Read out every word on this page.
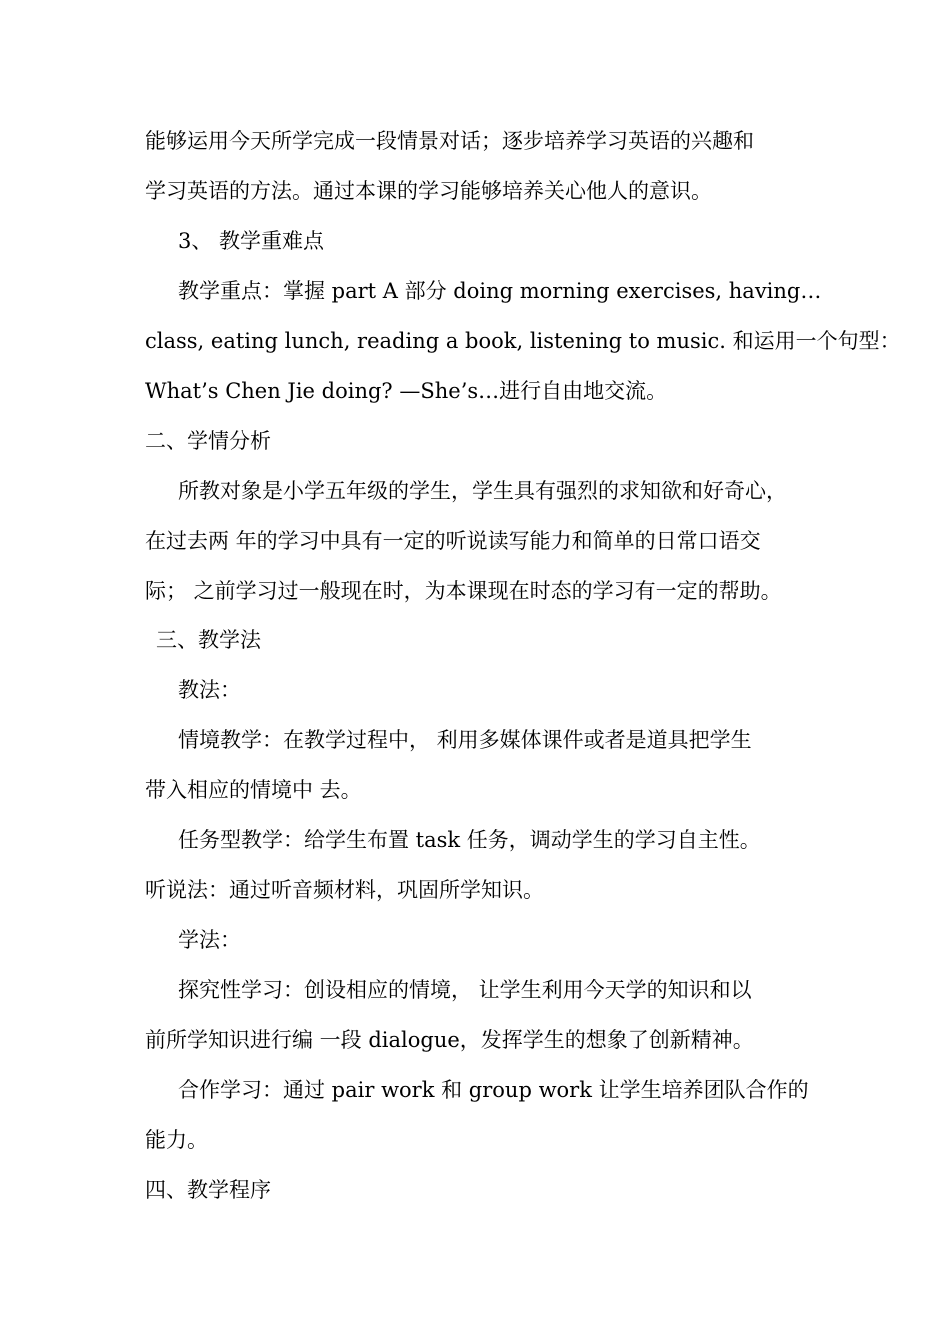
能够运用今天所学完成一段情景对话；逐步培养学习英语的兴趣和
学习英语的方法。通过本课的学习能够培养关心他人的意识。
3、 教学重难点
教学重点：掌握 part A 部分 doing morning exercises, having…
class, eating lunch, reading a book, listening to music. 和运用一个句型：
What’s Chen Jie doing? —She’s…进行自由地交流。
二、学情分析
所教对象是小学五年级的学生，学生具有强烈的求知欲和好奇心，
在过去两 年的学习中具有一定的听说读写能力和简单的日常口语交
际； 之前学习过一般现在时，为本课现在时态的学习有一定的帮助。
三、教学法
教法：
情境教学：在教学过程中， 利用多媒体课件或者是道具把学生
带入相应的情境中 去。
任务型教学：给学生布置 task 任务，调动学生的学习自主性。
听说法：通过听音频材料，巩固所学知识。
学法：
探究性学习：创设相应的情境， 让学生利用今天学的知识和以
前所学知识进行编 一段 dialogue，发挥学生的想象了创新精神。
合作学习：通过 pair work 和 group work 让学生培养团队合作的
能力。
四、教学程序
